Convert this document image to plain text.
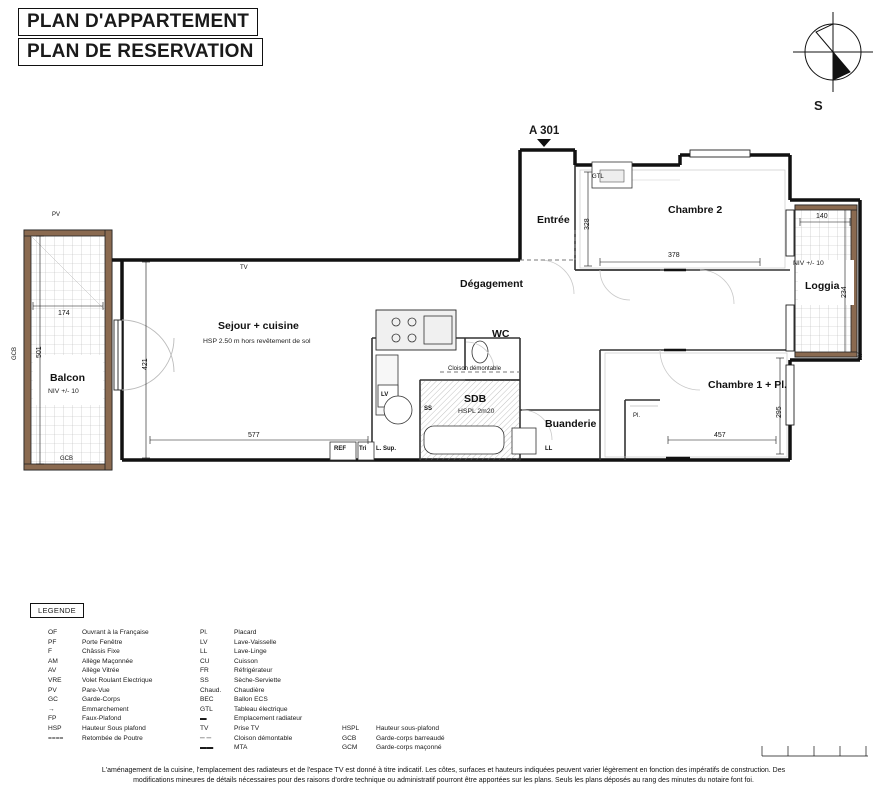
PLAN D'APPARTEMENT
PLAN DE RESERVATION
S
A 301
Balcon
NIV +/- 10
Sejour + cuisine
HSP 2.50 m hors revêtement de sol
Entrée
Dégagement
Chambre 2
Loggia
NIV +/- 10
WC
SDB
HSPL 2m20
Buanderie
Chambre 1 + Pl.
Cloison démontable
Pl.
GTL
174
501
421
577
328
378
140
234
295
457
PV
GCB
GCB
AV
LV
SS
REF Tri L. Sup.	LL
TV
LEGENDE
OF	Ouvrant à la Française
PF	Porte Fenêtre
F	Châssis Fixe
AM	Allège Maçonnée
AV	Allège Vitrée
VRE	Volet Roulant Electrique
PV	Pare-Vue
GC	Garde-Corps
→	Emmarchement
FP	Faux-Plafond
HSP	Hauteur Sous plafond
====	Retombée de Poutre
Pl.	Placard
LV	Lave-Vaisselle
LL	Lave-Linge
CU	Cuisson
FR	Réfrigérateur
SS	Sèche-Serviette
Chaud.	Chaudière
BEC	Ballon ECS
GTL	Tableau électrique
▬	Emplacement radiateur
TV	Prise TV
─ ─	Cloison démontable
▬▬	MTA
HSPL	Hauteur sous-plafond
GCB	Garde-corps barreaudé
GCM	Garde-corps maçonné
L'aménagement de la cuisine, l'emplacement des radiateurs et de l'espace TV est donné à titre indicatif. Les côtes, surfaces et hauteurs indiquées peuvent varier légèrement en fonction des impératifs de construction. Des
modifications mineures de détails nécessaires pour des raisons d'ordre technique ou administratif pourront être apportées sur les plans. Seuls les plans déposés au rang des minutes du notaire font foi.
